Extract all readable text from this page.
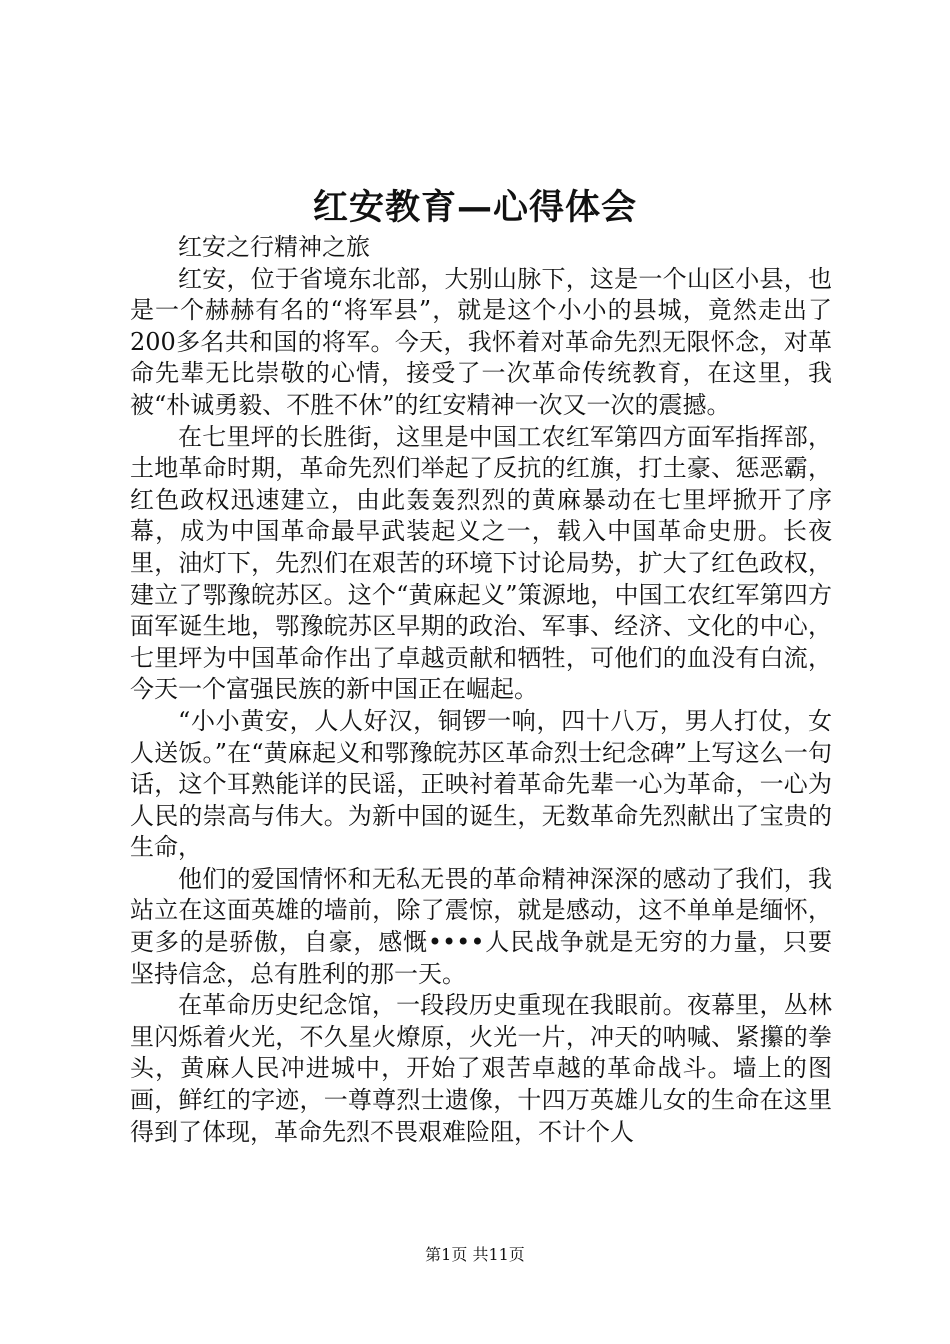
红安教育—心得体会

红安之行精神之旅

红安，位于省境东北部，大别山脉下，这是一个山区小县，也是一个赫赫有名的“将军县”，就是这个小小的县城，竟然走出了200多名共和国的将军。今天，我怀着对革命先烈无限怀念，对革命先辈无比崇敬的心情，接受了一次革命传统教育，在这里，我被“朴诚勇毅、不胜不休”的红安精神一次又一次的震撼。

在七里坪的长胜街，这里是中国工农红军第四方面军指挥部，土地革命时期，革命先烈们举起了反抗的红旗，打土豪、惩恶霸，红色政权迅速建立，由此轰轰烈烈的黄麻暴动在七里坪掀开了序幕，成为中国革命最早武装起义之一，载入中国革命史册。长夜里，油灯下，先烈们在艰苦的环境下讨论局势，扩大了红色政权，建立了鄂豫皖苏区。这个“黄麻起义”策源地，中国工农红军第四方面军诞生地，鄂豫皖苏区早期的政治、军事、经济、文化的中心，七里坪为中国革命作出了卓越贡献和牺牲，可他们的血没有白流，今天一个富强民族的新中国正在崛起。

“小小黄安，人人好汉，铜锣一响，四十八万，男人打仗，女人送饭。”在“黄麻起义和鄂豫皖苏区革命烈士纪念碑”上写这么一句话，这个耳熟能详的民谣，正映衬着革命先辈一心为革命，一心为人民的崇高与伟大。为新中国的诞生，无数革命先烈献出了宝贵的生命，

他们的爱国情怀和无私无畏的革命精神深深的感动了我们，我站立在这面英雄的墙前，除了震惊，就是感动，这不单单是缅怀，更多的是骄傲，自豪，感慨••••人民战争就是无穷的力量，只要坚持信念，总有胜利的那一天。

在革命历史纪念馆，一段段历史重现在我眼前。夜幕里，丛林里闪烁着火光，不久星火燎原，火光一片，冲天的呐喊、紧攥的拳头，黄麻人民冲进城中，开始了艰苦卓越的革命战斗。墙上的图画，鲜红的字迹，一尊尊烈士遗像，十四万英雄儿女的生命在这里得到了体现，革命先烈不畏艰难险阻，不计个人

第1页 共11页
